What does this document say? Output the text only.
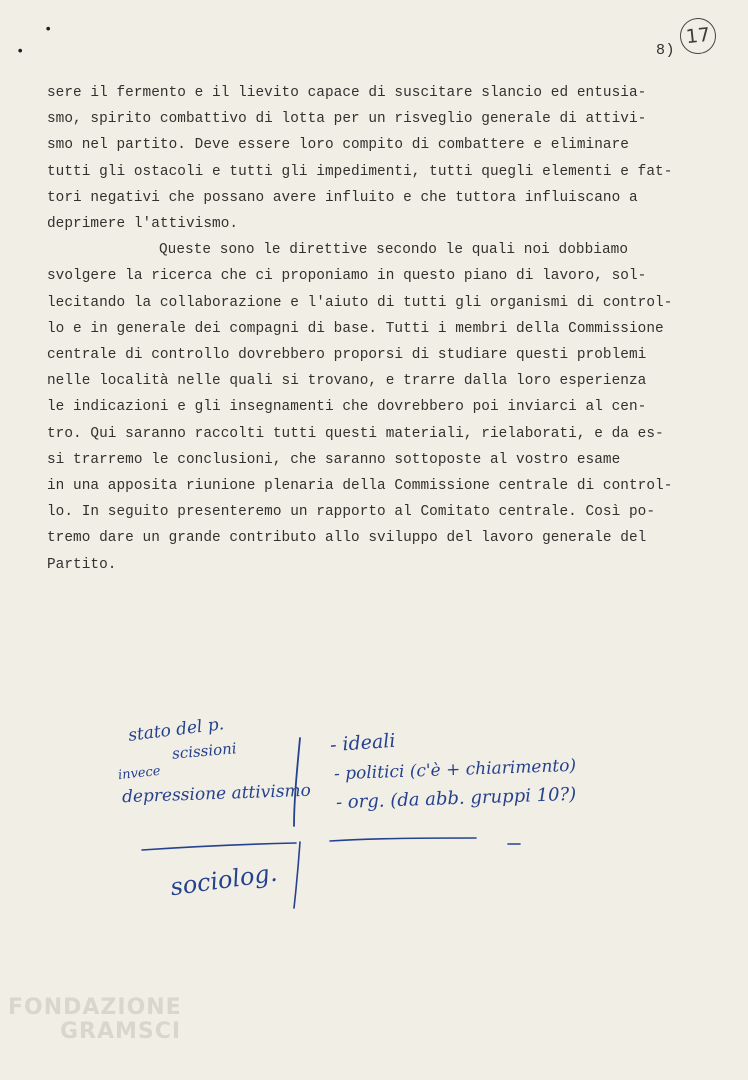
•
•	8)
17

sere il fermento e il lievito capace di suscitare slancio ed entusia-

smo, spirito combattivo di lotta per un risveglio generale di attivi-

smo nel partito. Deve essere loro compito di combattere e eliminare

tutti gli ostacoli e tutti gli impedimenti, tutti quegli elementi e fat-

tori negativi che possano avere influito e che tuttora influiscano a

deprimere l'attivismo.

Queste sono le direttive secondo le quali noi dobbiamo

svolgere la ricerca che ci proponiamo in questo piano di lavoro, sol-

lecitando la collaborazione e l'aiuto di tutti gli organismi di control-

lo e in generale dei compagni di base. Tutti i membri della Commissione

centrale di controllo dovrebbero proporsi di studiare questi problemi

nelle località nelle quali si trovano, e trarre dalla loro esperienza

le indicazioni e gli insegnamenti che dovrebbero poi inviarci al cen-

tro. Qui saranno raccolti tutti questi materiali, rielaborati, e da es-

si trarremo le conclusioni, che saranno sottoposte al vostro esame

in una apposita riunione plenaria della Commissione centrale di control-

lo. In seguito presenteremo un rapporto al Comitato centrale. Così po-

tremo dare un grande contributo allo sviluppo del lavoro generale del

Partito.

stato del p.
scissioni
invece
depressione attivismo
- ideali
- politici (c'è + chiarimento)
- org. (da abb. gruppi 10?)
sociolog.
FONDAZIONE
GRAMSCI
